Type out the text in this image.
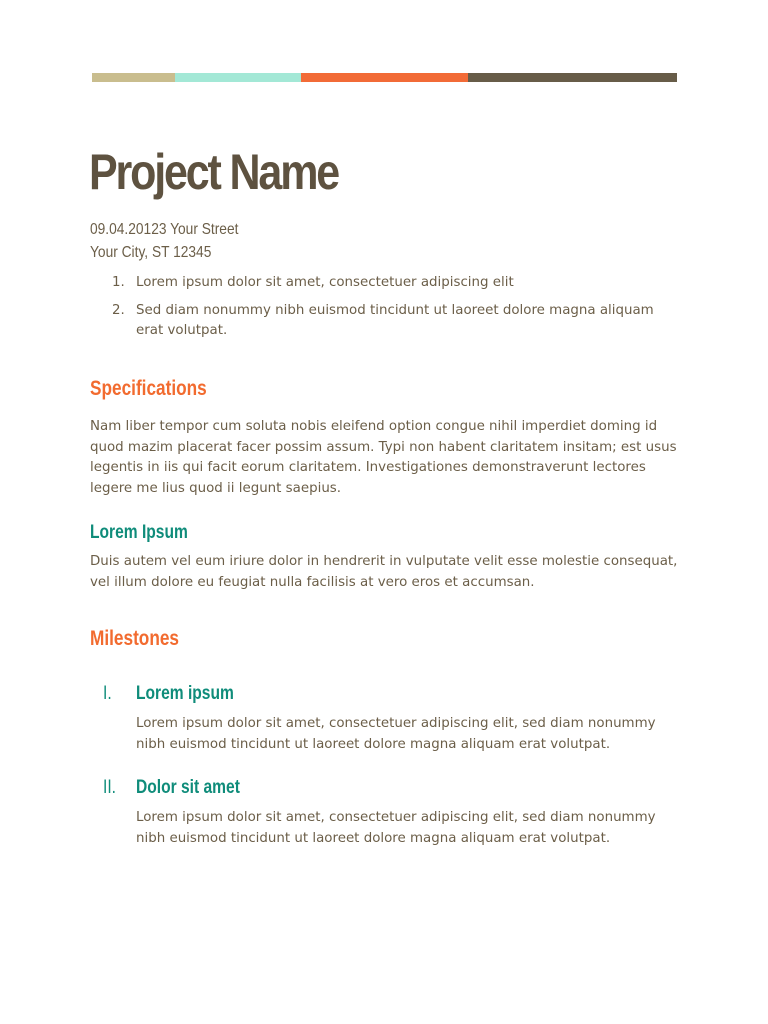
Project Name
09.04.20123 Your Street
Your City, ST 12345
1. Lorem ipsum dolor sit amet, consectetuer adipiscing elit

2. Sed diam nonummy nibh euismod tincidunt ut laoreet dolore magna aliquam erat volutpat.

Specifications

Nam liber tempor cum soluta nobis eleifend option congue nihil imperdiet doming id quod mazim placerat facer possim assum. Typi non habent claritatem insitam; est usus legentis in iis qui facit eorum claritatem. Investigationes demonstraverunt lectores legere me lius quod ii legunt saepius.

Lorem Ipsum

Duis autem vel eum iriure dolor in hendrerit in vulputate velit esse molestie consequat, vel illum dolore eu feugiat nulla facilisis at vero eros et accumsan.

Milestones
I. Lorem ipsum

Lorem ipsum dolor sit amet, consectetuer adipiscing elit, sed diam nonummy nibh euismod tincidunt ut laoreet dolore magna aliquam erat volutpat.

II. Dolor sit amet

Lorem ipsum dolor sit amet, consectetuer adipiscing elit, sed diam nonummy nibh euismod tincidunt ut laoreet dolore magna aliquam erat volutpat.
